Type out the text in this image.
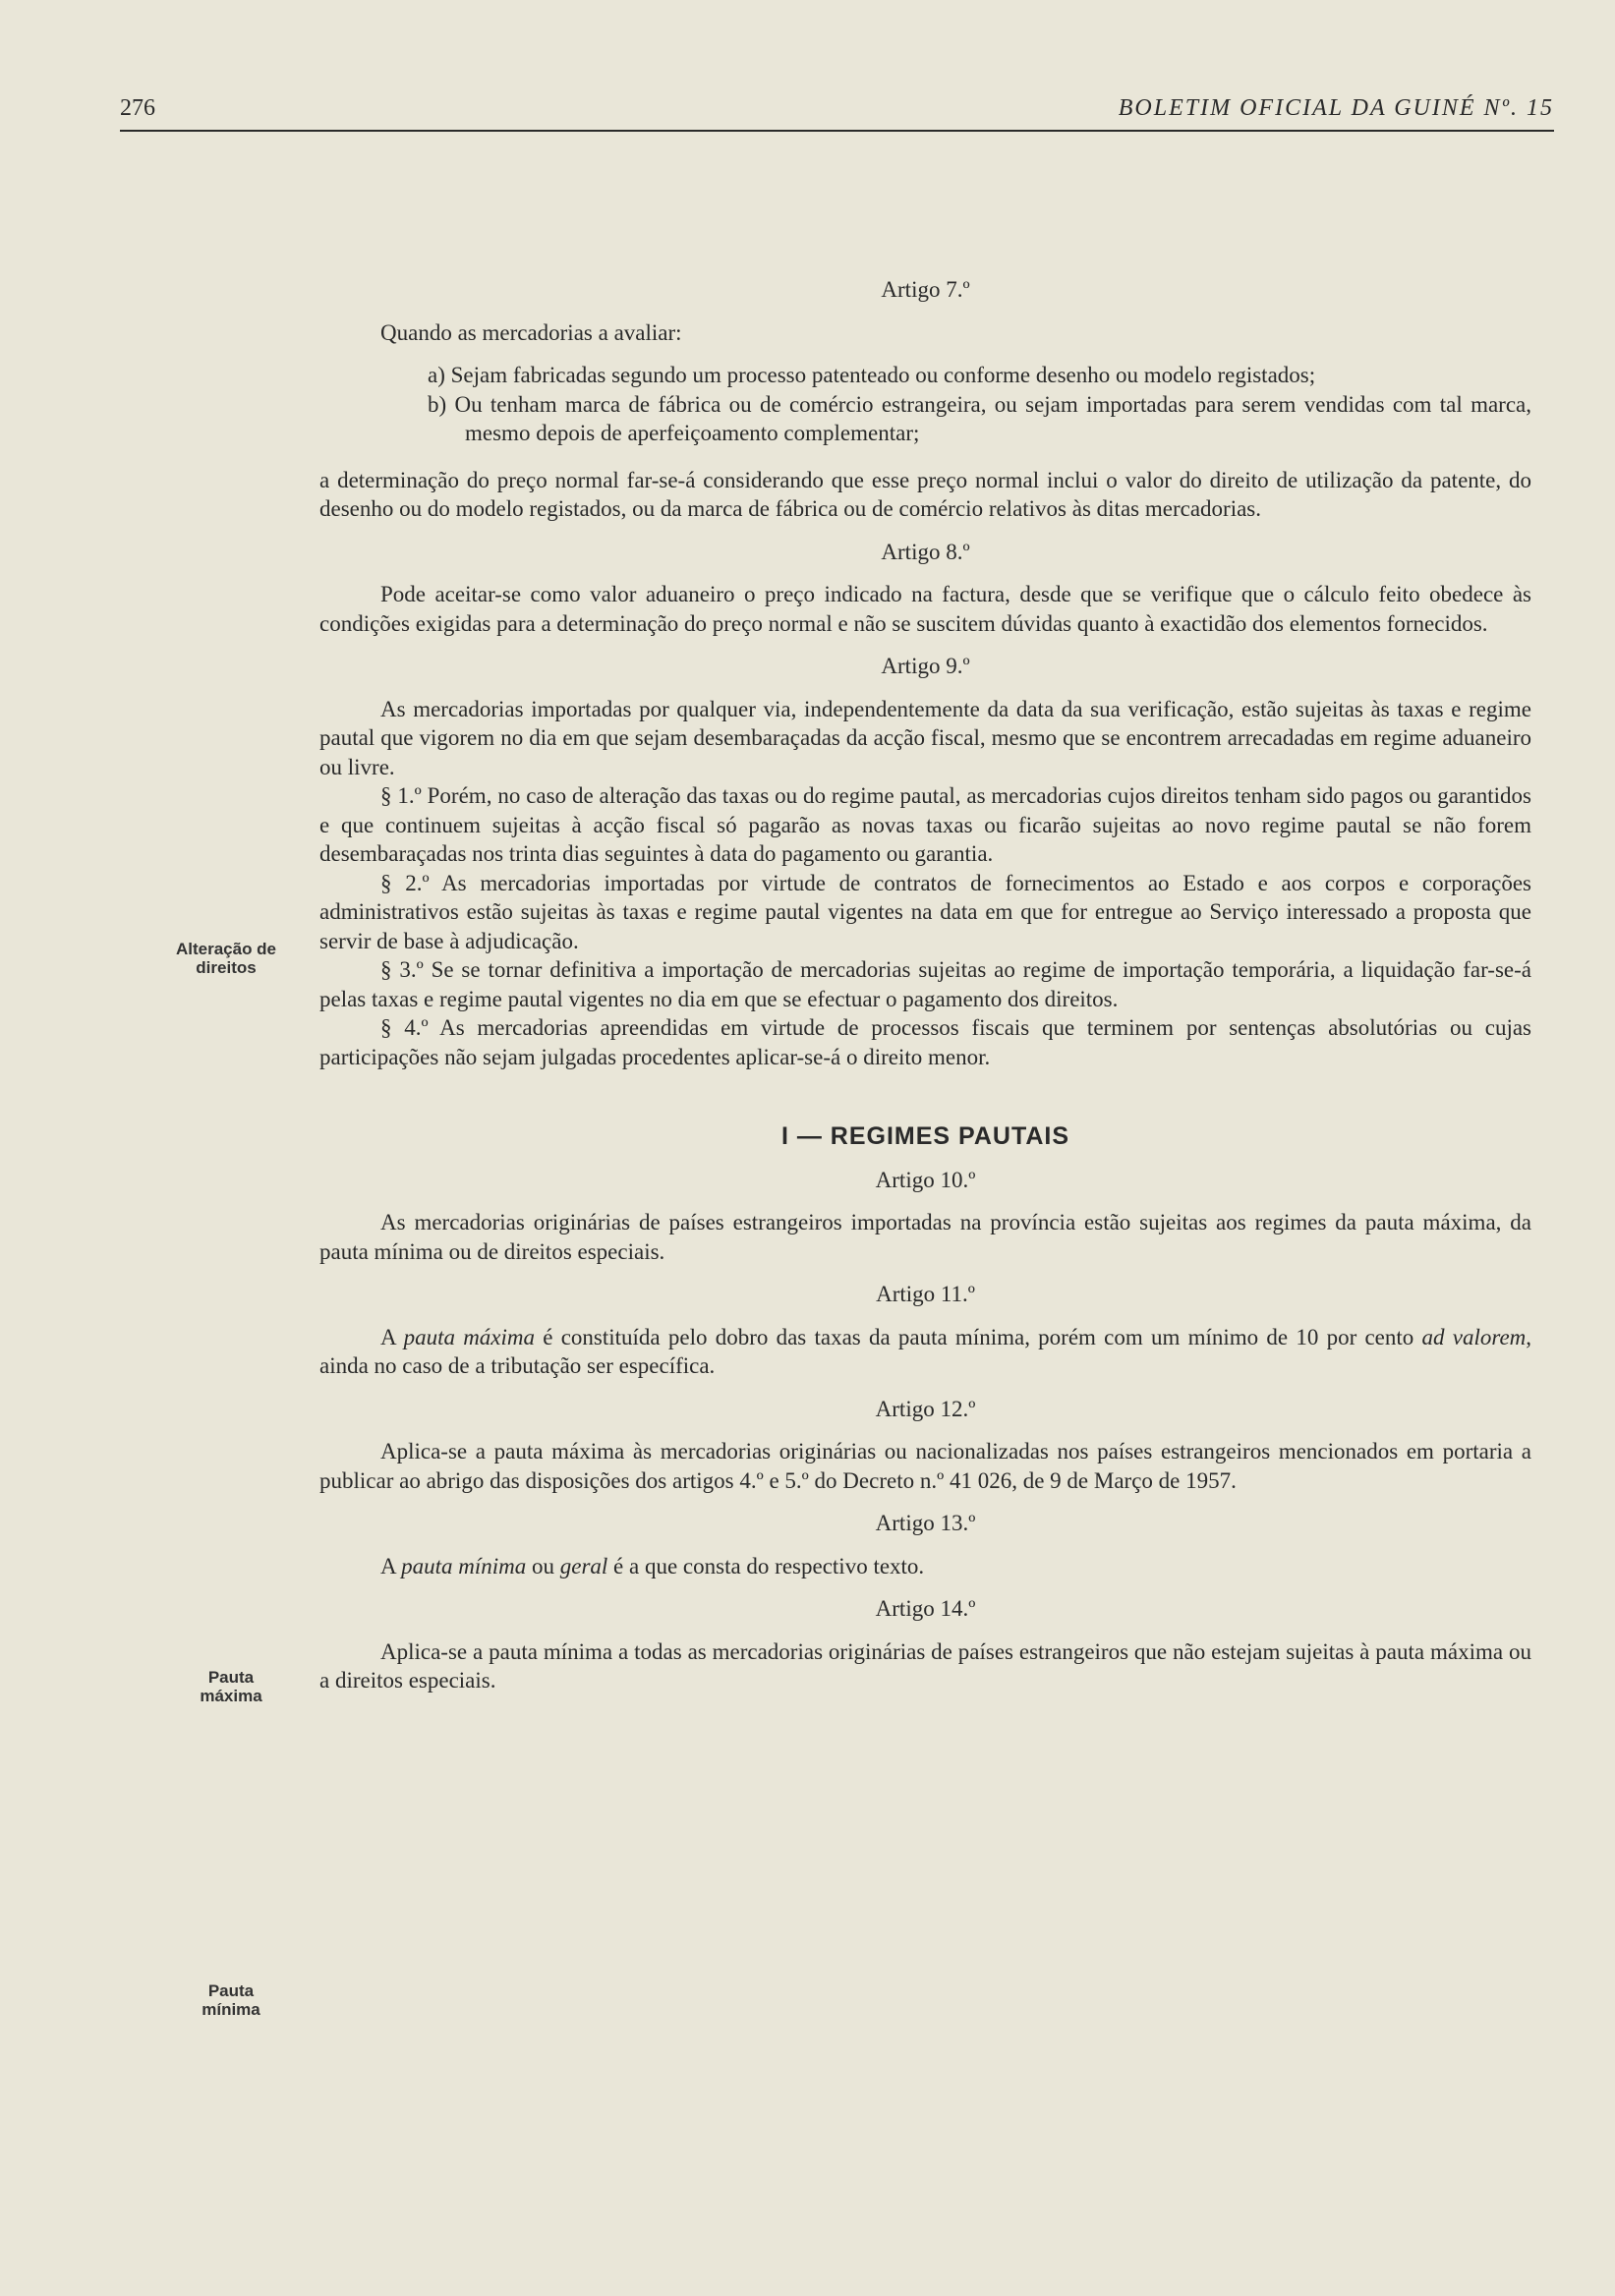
276	BOLETIM OFICIAL DA GUINÉ Nº. 15
Alteração de direitos
Pauta máxima
Pauta mínima
Artigo 7.º

Quando as mercadorias a avaliar:

a) Sejam fabricadas segundo um processo patenteado ou conforme desenho ou modelo registados;

b) Ou tenham marca de fábrica ou de comércio estrangeira, ou sejam importadas para serem vendidas com tal marca, mesmo depois de aperfeiçoamento complementar;

a determinação do preço normal far-se-á considerando que esse preço normal inclui o valor do direito de utilização da patente, do desenho ou do modelo registados, ou da marca de fábrica ou de comércio relativos às ditas mercadorias.

Artigo 8.º

Pode aceitar-se como valor aduaneiro o preço indicado na factura, desde que se verifique que o cálculo feito obedece às condições exigidas para a determinação do preço normal e não se suscitem dúvidas quanto à exactidão dos elementos fornecidos.

Artigo 9.º

As mercadorias importadas por qualquer via, independentemente da data da sua verificação, estão sujeitas às taxas e regime pautal que vigorem no dia em que sejam desembaraçadas da acção fiscal, mesmo que se encontrem arrecadadas em regime aduaneiro ou livre.

§ 1.º Porém, no caso de alteração das taxas ou do regime pautal, as mercadorias cujos direitos tenham sido pagos ou garantidos e que continuem sujeitas à acção fiscal só pagarão as novas taxas ou ficarão sujeitas ao novo regime pautal se não forem desembaraçadas nos trinta dias seguintes à data do pagamento ou garantia.

§ 2.º As mercadorias importadas por virtude de contratos de fornecimentos ao Estado e aos corpos e corporações administrativos estão sujeitas às taxas e regime pautal vigentes na data em que for entregue ao Serviço interessado a proposta que servir de base à adjudicação.

§ 3.º Se se tornar definitiva a importação de mercadorias sujeitas ao regime de importação temporária, a liquidação far-se-á pelas taxas e regime pautal vigentes no dia em que se efectuar o pagamento dos direitos.

§ 4.º As mercadorias apreendidas em virtude de processos fiscais que terminem por sentenças absolutórias ou cujas participações não sejam julgadas procedentes aplicar-se-á o direito menor.

I — REGIMES PAUTAIS
Artigo 10.º

As mercadorias originárias de países estrangeiros importadas na província estão sujeitas aos regimes da pauta máxima, da pauta mínima ou de direitos especiais.

Artigo 11.º

A pauta máxima é constituída pelo dobro das taxas da pauta mínima, porém com um mínimo de 10 por cento ad valorem, ainda no caso de a tributação ser específica.

Artigo 12.º

Aplica-se a pauta máxima às mercadorias originárias ou nacionalizadas nos países estrangeiros mencionados em portaria a publicar ao abrigo das disposições dos artigos 4.º e 5.º do Decreto n.º 41 026, de 9 de Março de 1957.

Artigo 13.º

A pauta mínima ou geral é a que consta do respectivo texto.

Artigo 14.º

Aplica-se a pauta mínima a todas as mercadorias originárias de países estrangeiros que não estejam sujeitas à pauta máxima ou a direitos especiais.
